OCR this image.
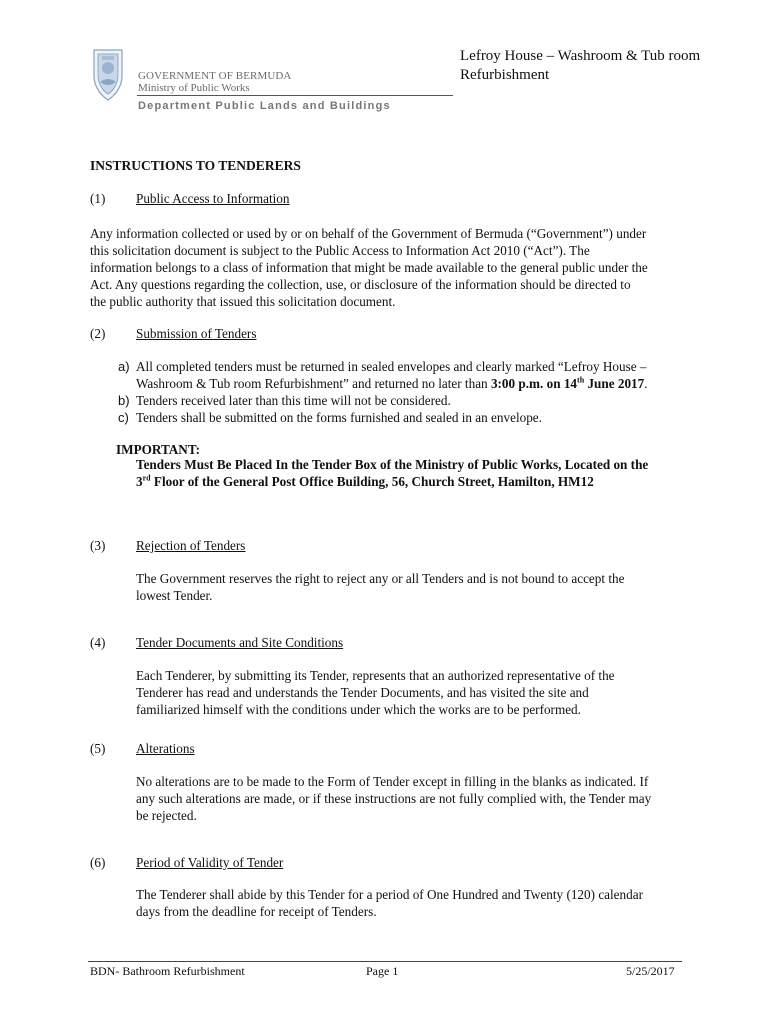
GOVERNMENT OF BERMUDA
Ministry of Public Works
Department Public Lands and Buildings
Lefroy House – Washroom & Tub room
Refurbishment
INSTRUCTIONS TO TENDERERS
(1) Public Access to Information
Any information collected or used by or on behalf of the Government of Bermuda (“Government”) under
this solicitation document is subject to the Public Access to Information Act 2010 (“Act”). The
information belongs to a class of information that might be made available to the general public under the
Act. Any questions regarding the collection, use, or disclosure of the information should be directed to
the public authority that issued this solicitation document.
(2) Submission of Tenders
a) All completed tenders must be returned in sealed envelopes and clearly marked “Lefroy House –
Washroom & Tub room Refurbishment” and returned no later than 3:00 p.m. on 14th June 2017.
b) Tenders received later than this time will not be considered.
c) Tenders shall be submitted on the forms furnished and sealed in an envelope.
IMPORTANT:
Tenders Must Be Placed In the Tender Box of the Ministry of Public Works, Located on the
3rd Floor of the General Post Office Building, 56, Church Street, Hamilton, HM12
(3) Rejection of Tenders
The Government reserves the right to reject any or all Tenders and is not bound to accept the
lowest Tender.
(4) Tender Documents and Site Conditions
Each Tenderer, by submitting its Tender, represents that an authorized representative of the
Tenderer has read and understands the Tender Documents, and has visited the site and
familiarized himself with the conditions under which the works are to be performed.
(5) Alterations
No alterations are to be made to the Form of Tender except in filling in the blanks as indicated. If
any such alterations are made, or if these instructions are not fully complied with, the Tender may
be rejected.
(6) Period of Validity of Tender
The Tenderer shall abide by this Tender for a period of One Hundred and Twenty (120) calendar
days from the deadline for receipt of Tenders.
BDN- Bathroom Refurbishment	Page 1	5/25/2017
